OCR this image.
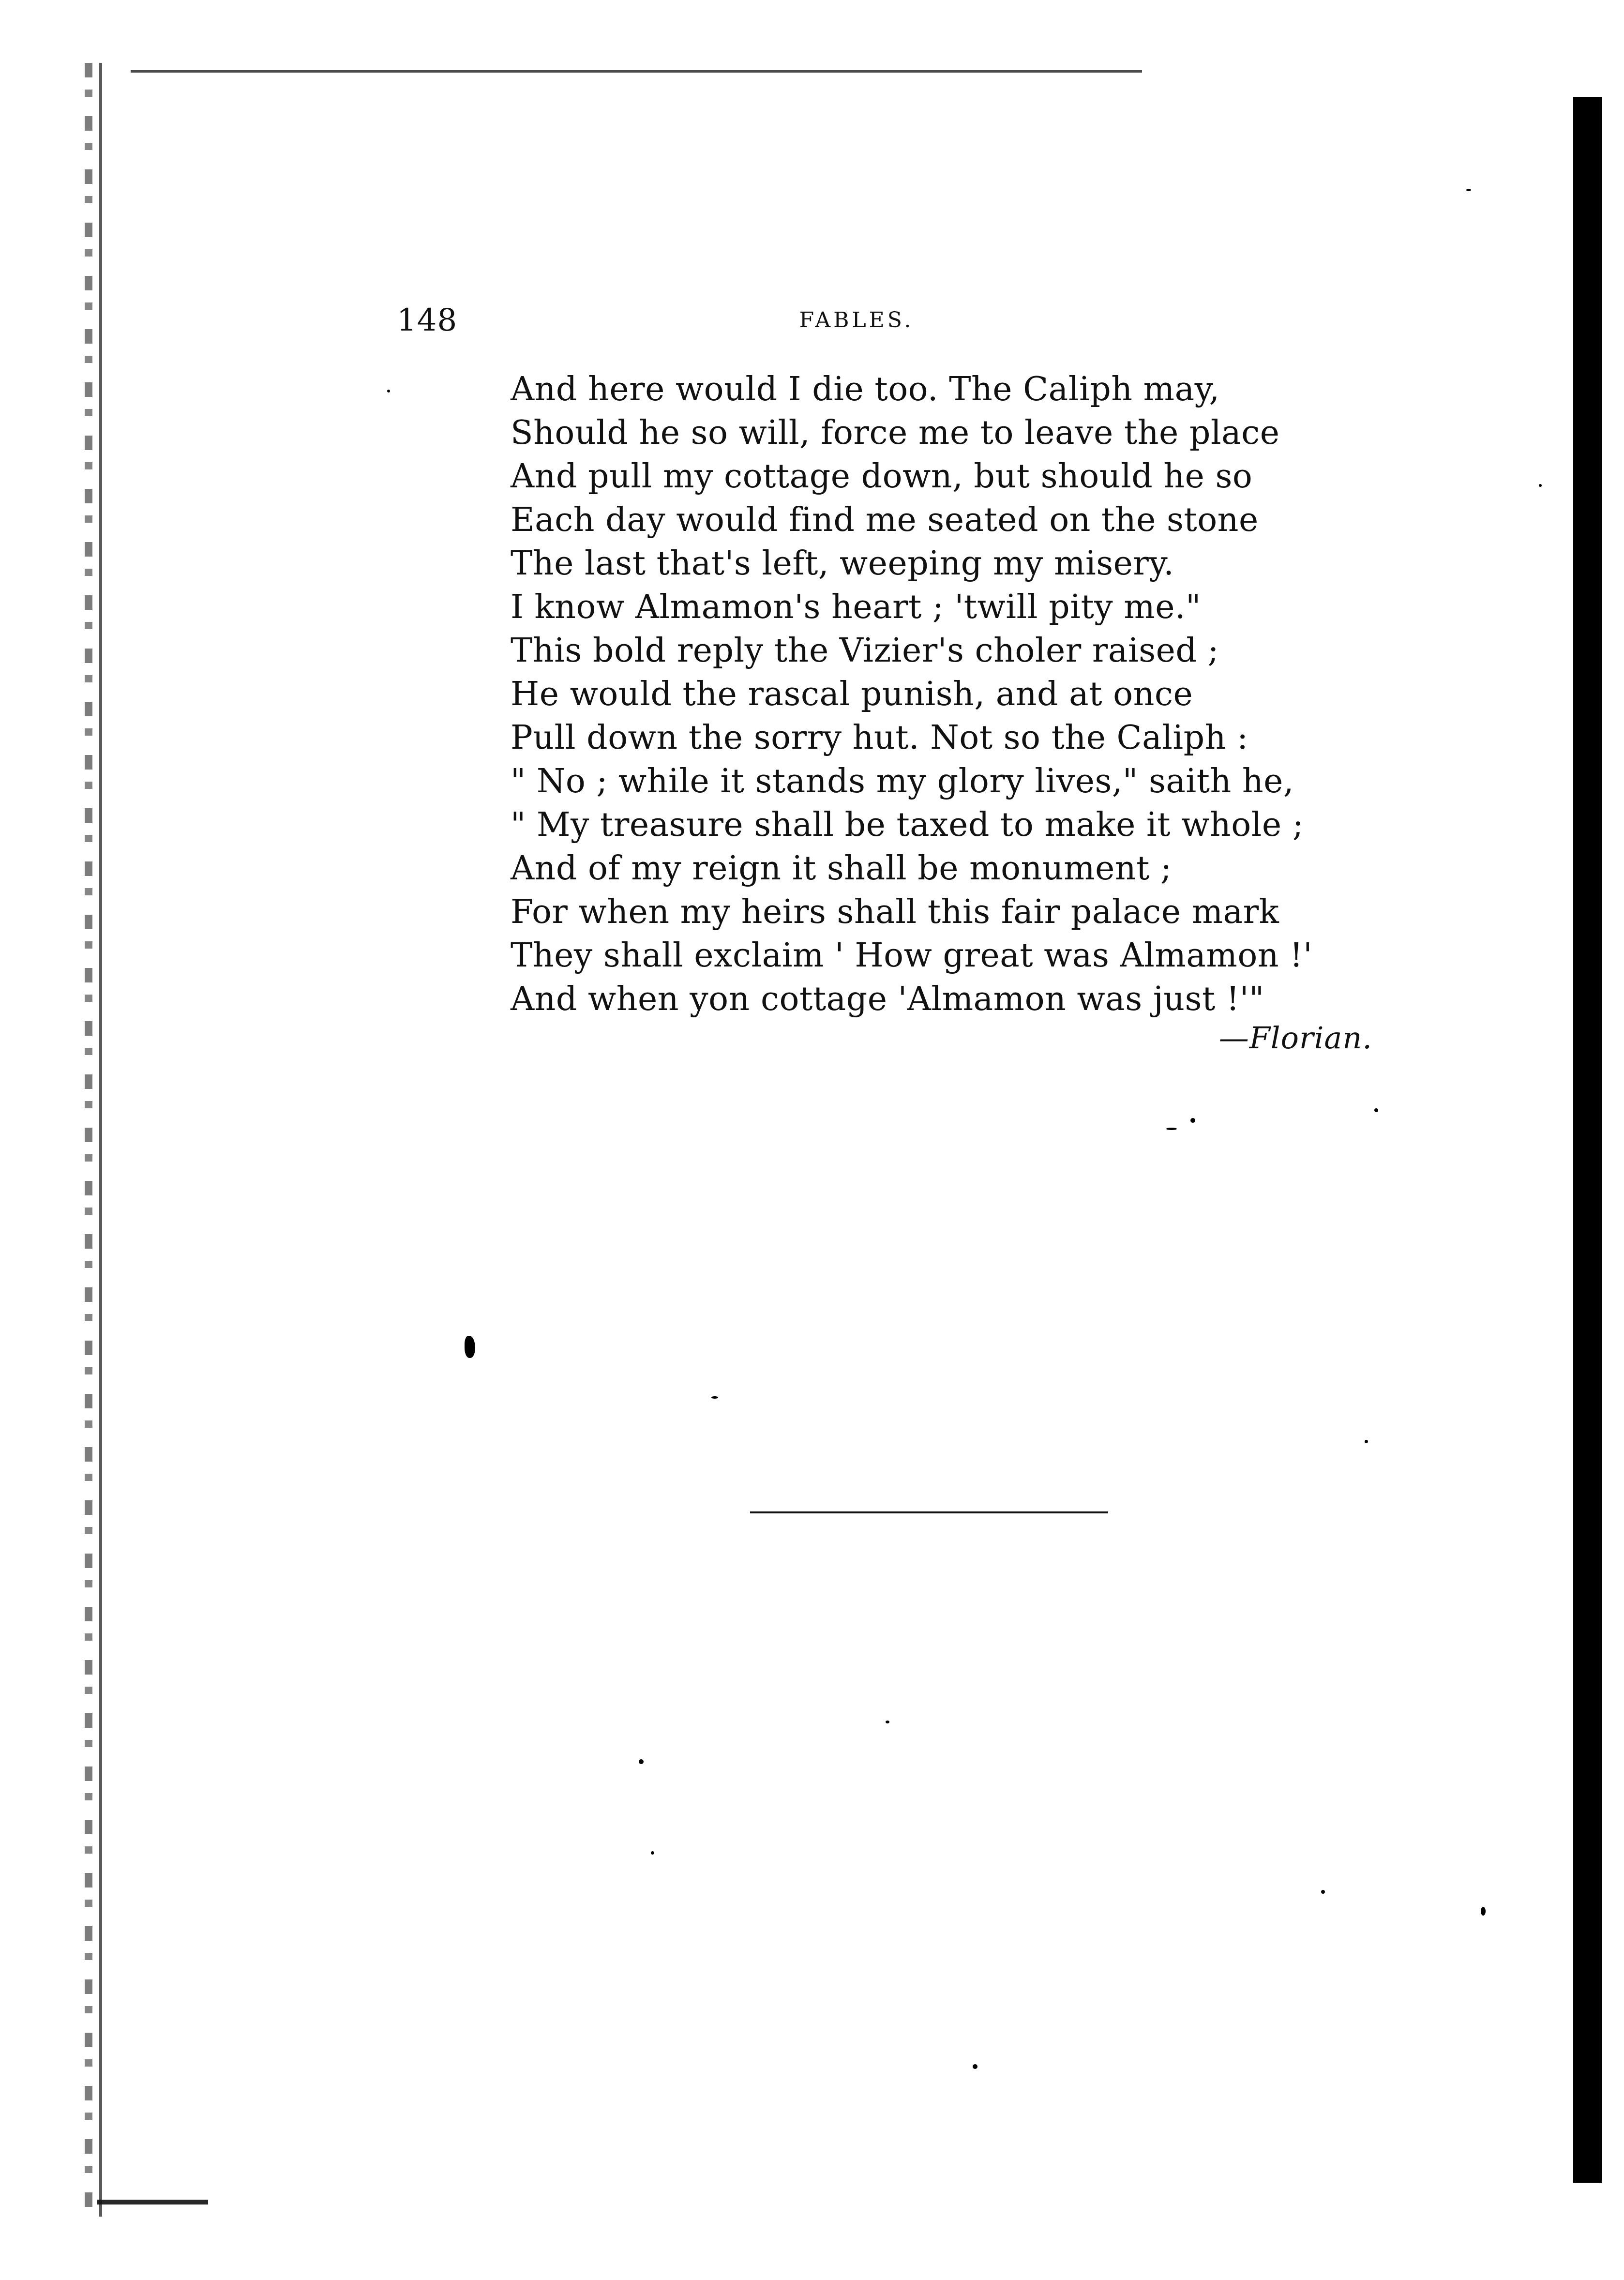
148	FABLES.
And here would I die too. The Caliph may,
Should he so will, force me to leave the place
And pull my cottage down, but should he so
Each day would find me seated on the stone
The last that's left, weeping my misery.
I know Almamon's heart ; 'twill pity me."
This bold reply the Vizier's choler raised ;
He would the rascal punish, and at once
Pull down the sorry hut. Not so the Caliph :
" No ; while it stands my glory lives," saith he,
" My treasure shall be taxed to make it whole ;
And of my reign it shall be monument ;
For when my heirs shall this fair palace mark
They shall exclaim ' How great was Almamon !'
And when yon cottage 'Almamon was just !'"
—Florian.
